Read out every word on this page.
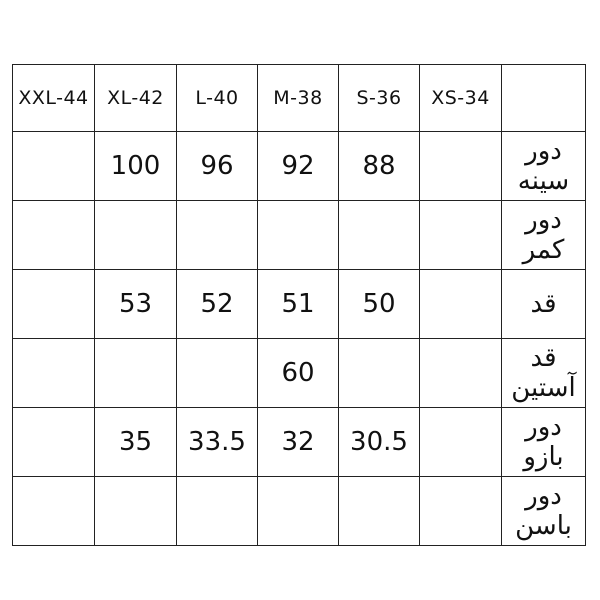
XXL-44	XL-42	L-40	M-38	S-36	XS-34	
	100	96	92	88		دور سینه
						دور کمر
	53	52	51	50		قد
			60			قد آستین
	35	33.5	32	30.5		دور بازو
						دور باسن
